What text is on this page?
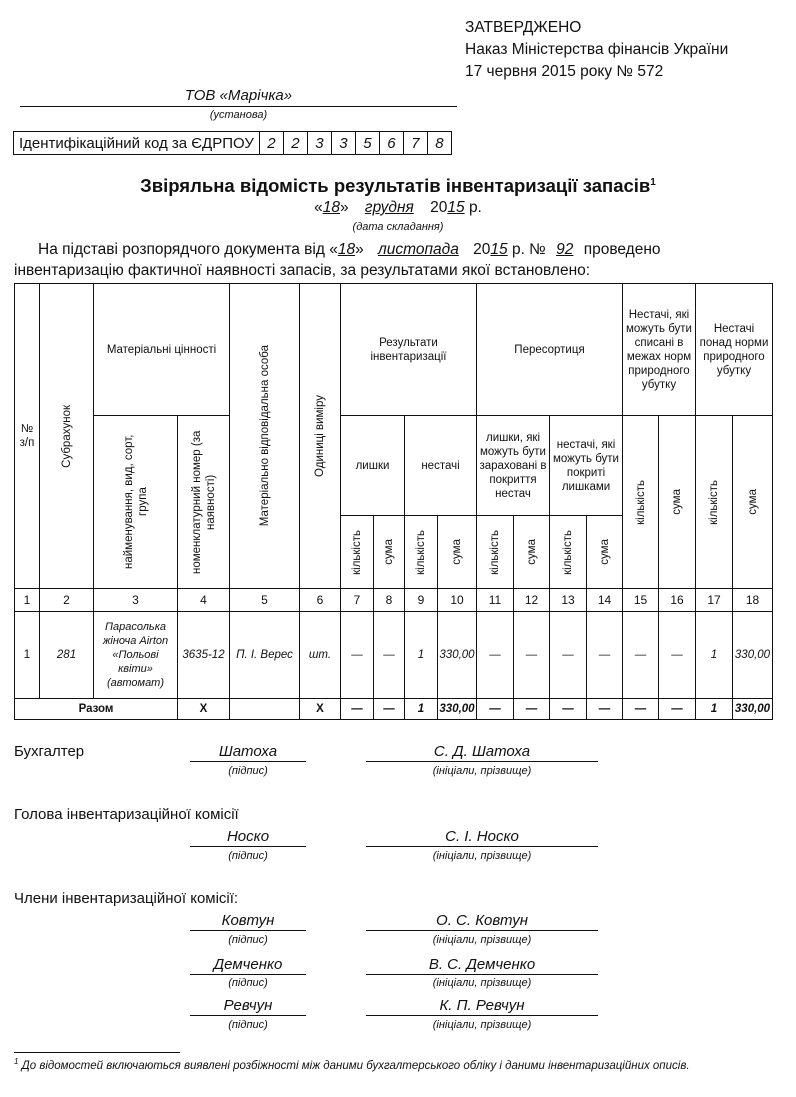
ЗАТВЕРДЖЕНО
Наказ Міністерства фінансів України
17 червня 2015 року № 572
ТОВ «Марічка»
(установа)
Ідентифікаційний код за ЄДРПОУ	2	2	3	3	5	6	7	8
Звіряльна відомість результатів інвентаризації запасів$^1$
«18» грудня 2015 р.
(дата складання)
На підставі розпорядчого документа від «18» листопада 2015 р. № 92 проведено
інвентаризацію фактичної наявності запасів, за результатами якої встановлено:
№ з/п	Субрахунок	Матеріальні цінності		Матеріально відповідальна особа	Одиниці виміру	Результати інвентаризації				Пересортиця				Нестачі, які можуть бути списані в межах норм природного убутку		Нестачі понад норми природного убутку	

		найменування, вид, сорт, група	номенклатурний номер (за наявності)			лишки		нестачі		лишки, які можуть бути зараховані в покриття нестач		нестачі, які можуть бути покриті лишками		кількість	сума	кількість	сума

						кількість	сума	кількість	сума	кількість	сума	кількість	сума				

1	2	3	4	5	6	7	8	9	10	11	12	13	14	15	16	17	18
1	281	Парасолька жіноча Airton «Польові квіти» (автомат)	3635-12	П. І. Верес	шт.	—	—	1	330,00	—	—	—	—	—	—	1	330,00
Разом			Х		Х	—	—	1	330,00	—	—	—	—	—	—	1	330,00
Бухгалтер	Шатоха
(підпис)
С. Д. Шатоха
(ініціали, прізвище)
Голова інвентаризаційної комісії
Носко
(підпис)
С. І. Носко
(ініціали, прізвище)
Члени інвентаризаційної комісії:
Ковтун
(підпис)
О. С. Ковтун
(ініціали, прізвище)
Демченко
(підпис)
В. С. Демченко
(ініціали, прізвище)
Ревчун
(підпис)
К. П. Ревчун
(ініціали, прізвище)
$^1$ До відомостей включаються виявлені розбіжності між даними бухгалтерського обліку і даними інвентаризаційних описів.
